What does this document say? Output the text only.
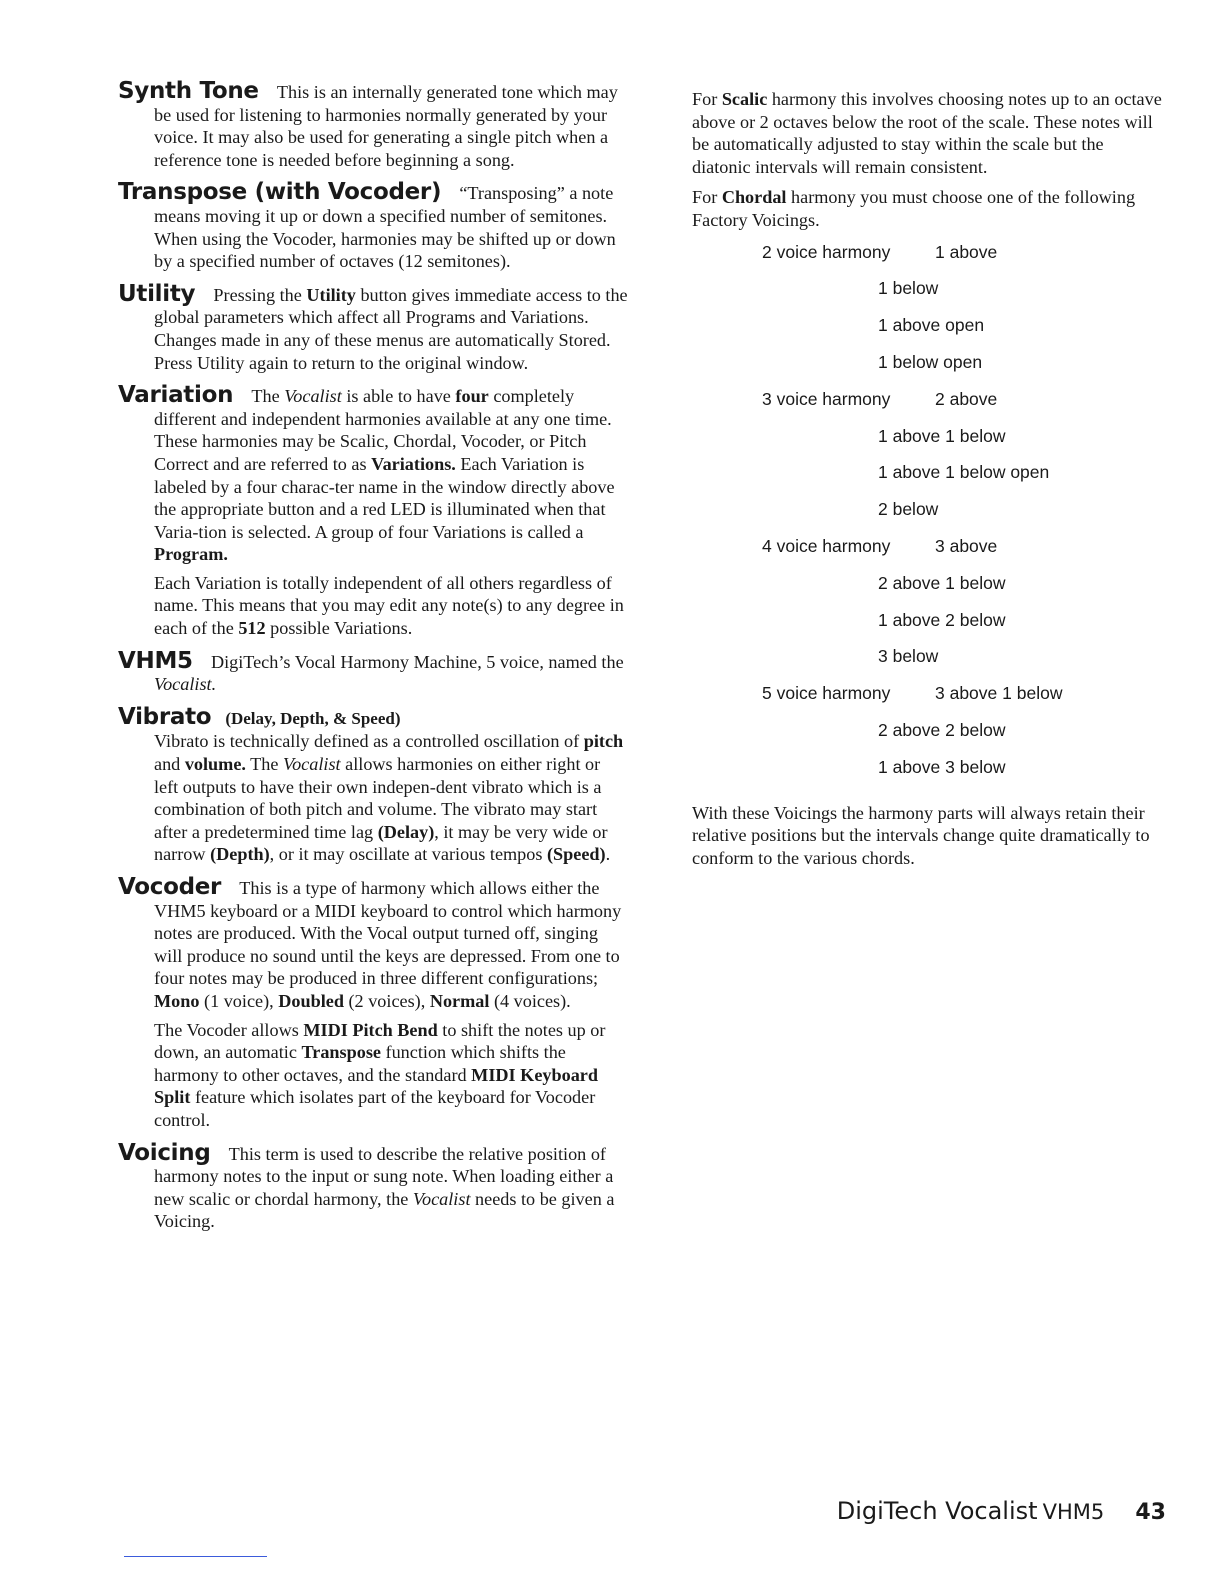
Synth Tone  This is an internally generated tone which may be used for listening to harmonies normally generated by your voice. It may also be used for generating a single pitch when a reference tone is needed before beginning a song.

Transpose (with Vocoder)  “Transposing” a note means moving it up or down a specified number of semitones. When using the Vocoder, harmonies may be shifted up or down by a specified number of octaves (12 semitones).

Utility  Pressing the Utility button gives immediate access to the global parameters which affect all Programs and Variations. Changes made in any of these menus are automatically Stored. Press Utility again to return to the original window.

Variation  The Vocalist is able to have four completely different and independent harmonies available at any one time. These harmonies may be Scalic, Chordal, Vocoder, or Pitch Correct and are referred to as Variations. Each Variation is labeled by a four charac-ter name in the window directly above the appropriate button and a red LED is illuminated when that Varia-tion is selected. A group of four Variations is called a Program.

Each Variation is totally independent of all others regardless of name. This means that you may edit any note(s) to any degree in each of the 512 possible Variations.

VHM5  DigiTech’s Vocal Harmony Machine, 5 voice, named the Vocalist.

Vibrato (Delay, Depth, & Speed)
Vibrato is technically defined as a controlled oscillation of pitch and volume. The Vocalist allows harmonies on either right or left outputs to have their own indepen-dent vibrato which is a combination of both pitch and volume. The vibrato may start after a predetermined time lag (Delay), it may be very wide or narrow (Depth), or it may oscillate at various tempos (Speed).

Vocoder  This is a type of harmony which allows either the VHM5 keyboard or a MIDI keyboard to control which harmony notes are produced. With the Vocal output turned off, singing will produce no sound until the keys are depressed. From one to four notes may be produced in three different configurations; Mono (1 voice), Doubled (2 voices), Normal (4 voices).

The Vocoder allows MIDI Pitch Bend to shift the notes up or down, an automatic Transpose function which shifts the harmony to other octaves, and the standard MIDI Keyboard Split feature which isolates part of the keyboard for Vocoder control.

Voicing  This term is used to describe the relative position of harmony notes to the input or sung note. When loading either a new scalic or chordal harmony, the Vocalist needs to be given a Voicing.

For Scalic harmony this involves choosing notes up to an octave above or 2 octaves below the root of the scale. These notes will be automatically adjusted to stay within the scale but the diatonic intervals will remain consistent.

For Chordal harmony you must choose one of the following Factory Voicings.

2 voice harmony	1 above
1 below
1 above open
1 below open
3 voice harmony	2 above
1 above 1 below
1 above 1 below open
2 below
4 voice harmony	3 above
2 above 1 below
1 above 2 below
3 below
5 voice harmony	3 above 1 below
2 above 2 below
1 above 3 below

With these Voicings the harmony parts will always retain their relative positions but the intervals change quite dramatically to conform to the various chords.

DigiTech Vocalist VHM5 43
